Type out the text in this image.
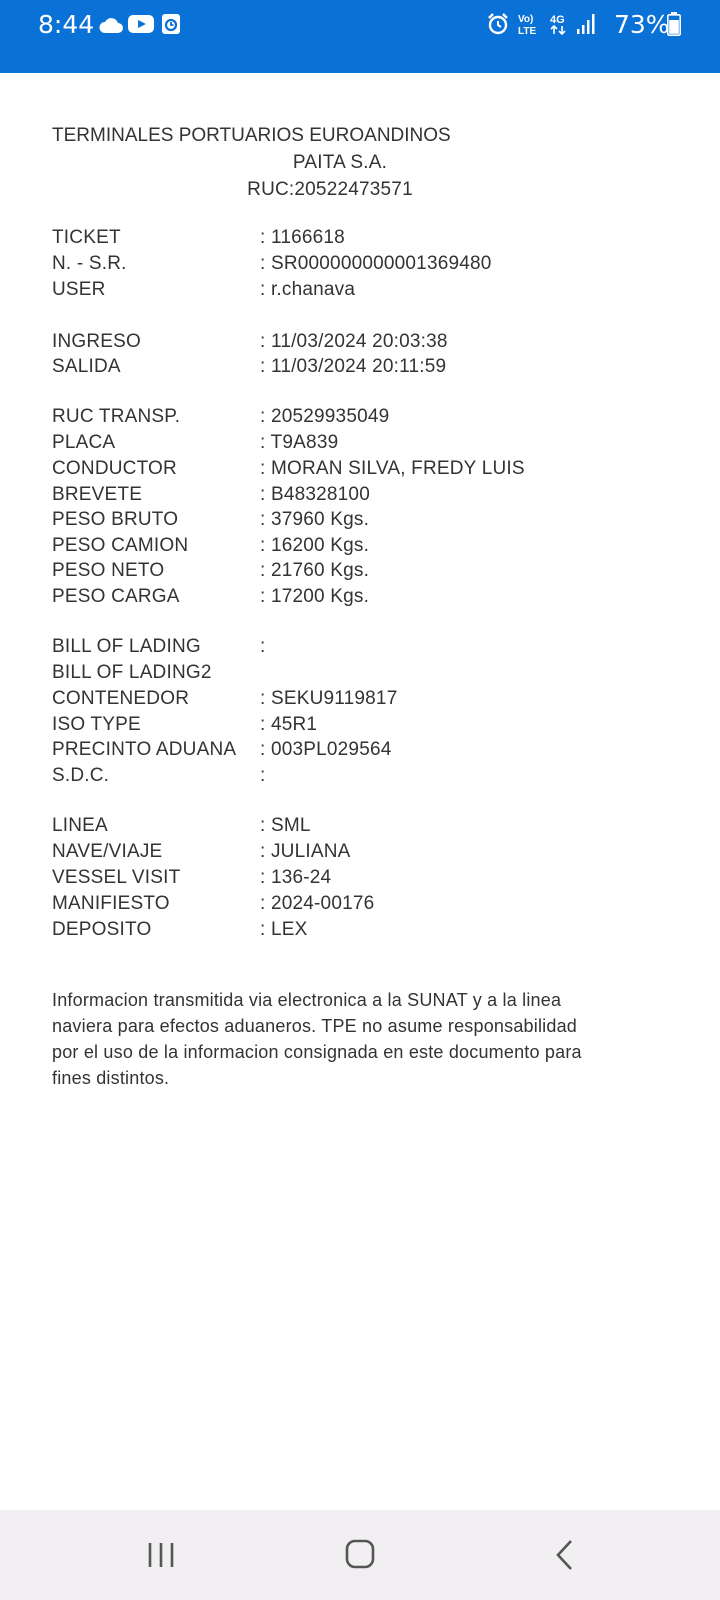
8:44	Vo)
LTE
4G 73%
TERMINALES PORTUARIOS EUROANDINOS
PAITA S.A.
RUC:20522473571
TICKET	: 1166618
N. - S.R.	: SR000000000001369480
USER	: r.chanava
INGRESO	: 11/03/2024 20:03:38
SALIDA	: 11/03/2024 20:11:59
RUC TRANSP.	: 20529935049
PLACA	: T9A839
CONDUCTOR	: MORAN SILVA, FREDY LUIS
BREVETE	: B48328100
PESO BRUTO	: 37960 Kgs.
PESO CAMION	: 16200 Kgs.
PESO NETO	: 21760 Kgs.
PESO CARGA	: 17200 Kgs.
BILL OF LADING	:
BILL OF LADING2
CONTENEDOR	: SEKU9119817
ISO TYPE	: 45R1
PRECINTO ADUANA : 003PL029564
S.D.C.	:
LINEA	: SML
NAVE/VIAJE	: JULIANA
VESSEL VISIT	: 136-24
MANIFIESTO	: 2024-00176
DEPOSITO	: LEX
Informacion transmitida via electronica a la SUNAT y a la linea naviera para efectos aduaneros. TPE no asume responsabilidad por el uso de la informacion consignada en este documento para fines distintos.
